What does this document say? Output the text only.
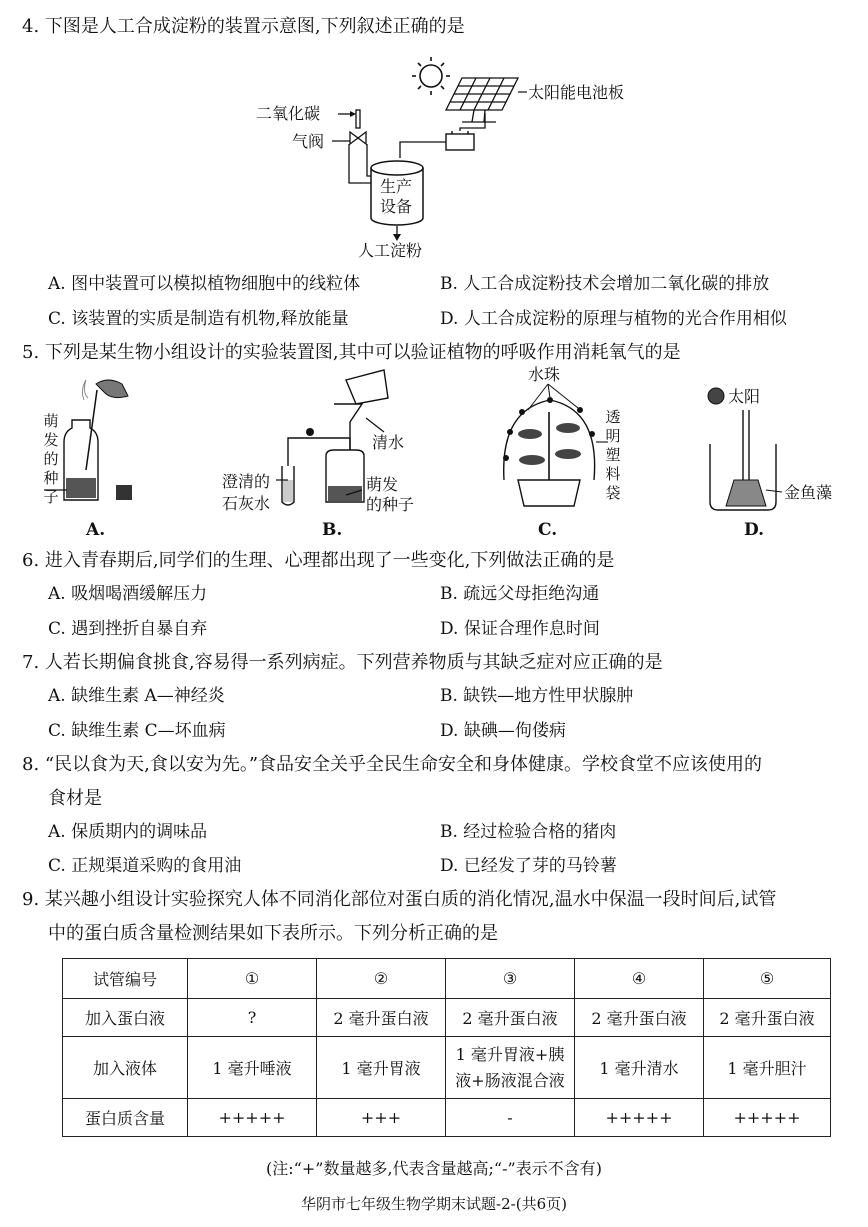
4. 下图是人工合成淀粉的装置示意图,下列叙述正确的是
太阳能电池板
二氧化碳
气阀
生产
设备
人工淀粉
A. 图中装置可以模拟植物细胞中的线粒体	B. 人工合成淀粉技术会增加二氧化碳的排放
C. 该装置的实质是制造有机物,释放能量	D. 人工合成淀粉的原理与植物的光合作用相似
5. 下列是某生物小组设计的实验装置图,其中可以验证植物的呼吸作用消耗氧气的是
萌发的种子
A.
澄清的
石灰水
清水
萌发
的种子
B.
水珠
透明塑料袋
C.
太阳
金鱼藻
D.
6. 进入青春期后,同学们的生理、心理都出现了一些变化,下列做法正确的是
A. 吸烟喝酒缓解压力	B. 疏远父母拒绝沟通
C. 遇到挫折自暴自弃	D. 保证合理作息时间
7. 人若长期偏食挑食,容易得一系列病症。下列营养物质与其缺乏症对应正确的是
A. 缺维生素 A—神经炎	B. 缺铁—地方性甲状腺肿
C. 缺维生素 C—坏血病	D. 缺碘—佝偻病
8. “民以食为天,食以安为先。”食品安全关乎全民生命安全和身体健康。学校食堂不应该使用的
食材是
A. 保质期内的调味品	B. 经过检验合格的猪肉
C. 正规渠道采购的食用油	D. 已经发了芽的马铃薯
9. 某兴趣小组设计实验探究人体不同消化部位对蛋白质的消化情况,温水中保温一段时间后,试管
中的蛋白质含量检测结果如下表所示。下列分析正确的是
试管编号	①	②	③	④	⑤
加入蛋白液	?	2 毫升蛋白液	2 毫升蛋白液	2 毫升蛋白液	2 毫升蛋白液
加入液体	1 毫升唾液	1 毫升胃液	1 毫升胃液+胰液+肠液混合液	1 毫升清水	1 毫升胆汁
蛋白质含量	+++++	+++	-	+++++	+++++
(注:“+”数量越多,代表含量越高;“-”表示不含有)
华阴市七年级生物学期末试题-2-(共6页)
